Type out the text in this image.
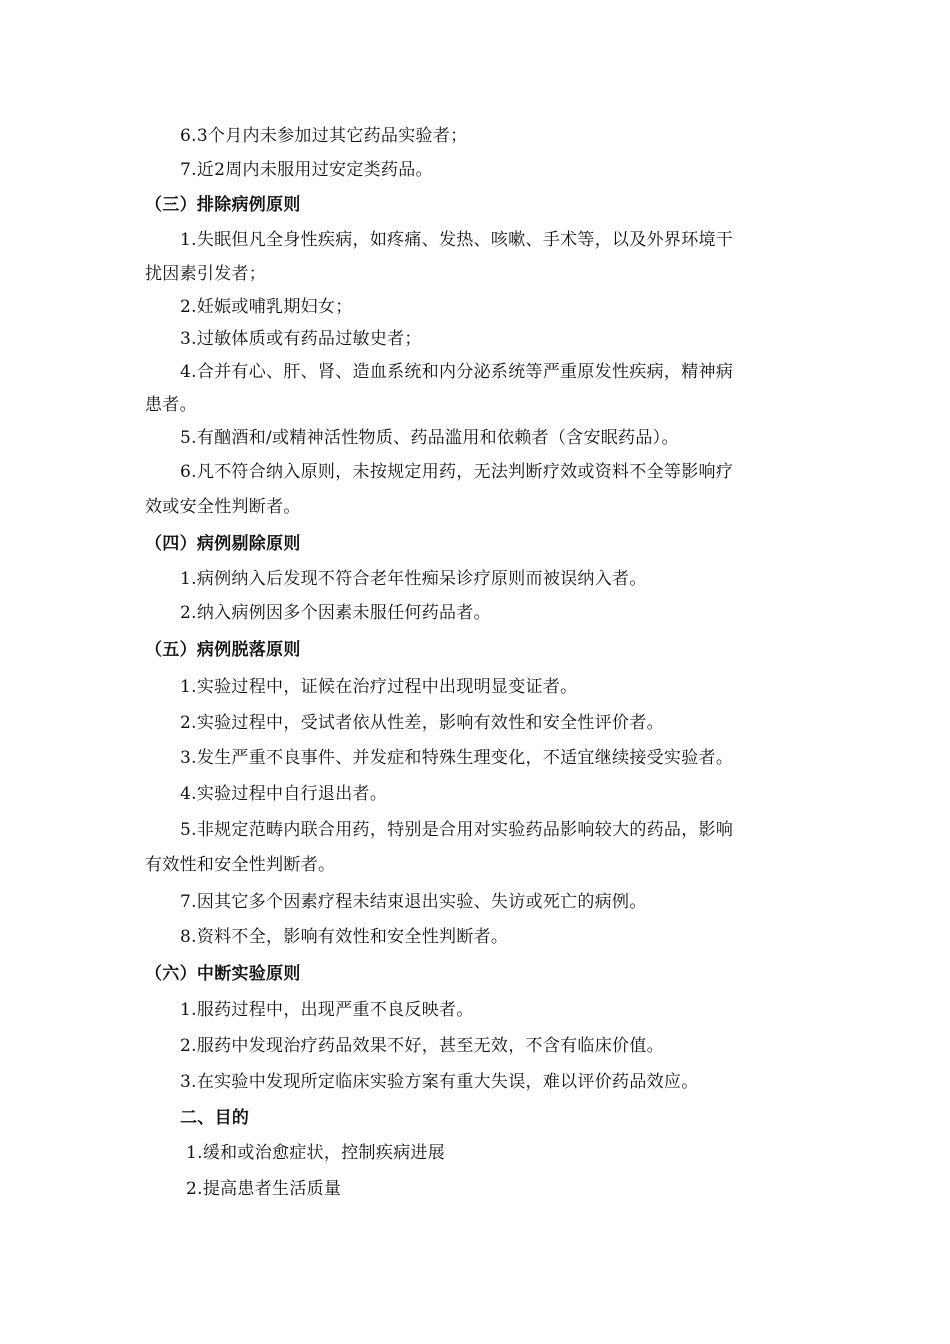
6.3个月内未参加过其它药品实验者；
7.近2周内未服用过安定类药品。
（三）排除病例原则
1.失眠但凡全身性疾病，如疼痛、发热、咳嗽、手术等，以及外界环境干
扰因素引发者；
2.妊娠或哺乳期妇女；
3.过敏体质或有药品过敏史者；
4.合并有心、肝、肾、造血系统和内分泌系统等严重原发性疾病，精神病
患者。
5.有酗酒和/或精神活性物质、药品滥用和依赖者（含安眠药品）。
6.凡不符合纳入原则，未按规定用药，无法判断疗效或资料不全等影响疗
效或安全性判断者。
（四）病例剔除原则
1.病例纳入后发现不符合老年性痴呆诊疗原则而被误纳入者。
2.纳入病例因多个因素未服任何药品者。
（五）病例脱落原则
1.实验过程中，证候在治疗过程中出现明显变证者。
2.实验过程中，受试者依从性差，影响有效性和安全性评价者。
3.发生严重不良事件、并发症和特殊生理变化，不适宜继续接受实验者。
4.实验过程中自行退出者。
5.非规定范畴内联合用药，特别是合用对实验药品影响较大的药品，影响
有效性和安全性判断者。
7.因其它多个因素疗程未结束退出实验、失访或死亡的病例。
8.资料不全，影响有效性和安全性判断者。
（六）中断实验原则
1.服药过程中，出现严重不良反映者。
2.服药中发现治疗药品效果不好，甚至无效，不含有临床价值。
3.在实验中发现所定临床实验方案有重大失误，难以评价药品效应。
二、目的
1.缓和或治愈症状，控制疾病进展
2.提高患者生活质量
